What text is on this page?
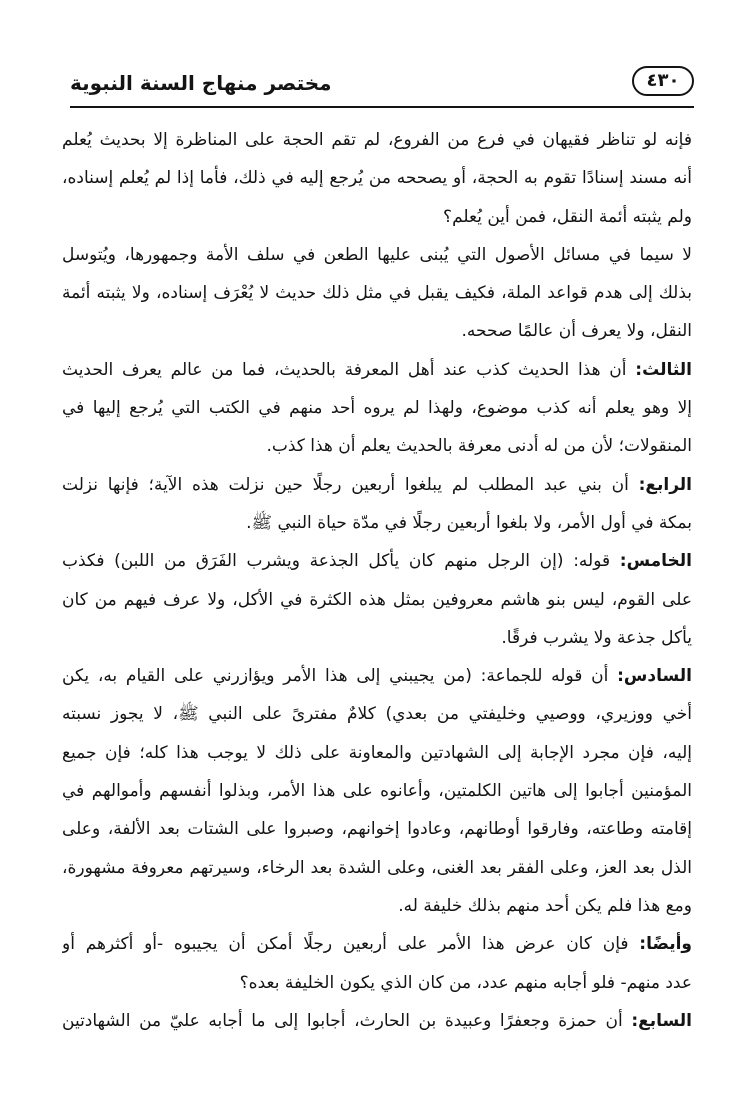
٤٣٠
مختصر منهاج السنة النبوية
فإنه لو تناظر فقيهان في فرع من الفروع، لم تقم الحجة على المناظرة إلا بحديث يُعلم
أنه مسند إسنادًا تقوم به الحجة، أو يصححه من يُرجع إليه في ذلك، فأما إذا لم يُعلم إسناده،
ولم يثبته أئمة النقل، فمن أين يُعلم؟
لا سيما في مسائل الأصول التي يُبنى عليها الطعن في سلف الأمة وجمهورها، ويُتوسل
بذلك إلى هدم قواعد الملة، فكيف يقبل في مثل ذلك حديث لا يُعْرَف إسناده، ولا يثبته أئمة
النقل، ولا يعرف أن عالمًا صححه.
الثالث: أن هذا الحديث كذب عند أهل المعرفة بالحديث، فما من عالم يعرف الحديث
إلا وهو يعلم أنه كذب موضوع، ولهذا لم يروه أحد منهم في الكتب التي يُرجع إليها في
المنقولات؛ لأن من له أدنى معرفة بالحديث يعلم أن هذا كذب.
الرابع: أن بني عبد المطلب لم يبلغوا أربعين رجلًا حين نزلت هذه الآية؛ فإنها نزلت
بمكة في أول الأمر، ولا بلغوا أربعين رجلًا في مدّة حياة النبي ﷺ.
الخامس: قوله: (إن الرجل منهم كان يأكل الجذعة ويشرب الفَرَق من اللبن) فكذب
على القوم، ليس بنو هاشم معروفين بمثل هذه الكثرة في الأكل، ولا عرف فيهم من كان
يأكل جذعة ولا يشرب فرقًا.
السادس: أن قوله للجماعة: (من يجيبني إلى هذا الأمر ويؤازرني على القيام به، يكن
أخي ووزيري، ووصيي وخليفتي من بعدي) كلامٌ مفترىً على النبي ﷺ، لا يجوز نسبته
إليه، فإن مجرد الإجابة إلى الشهادتين والمعاونة على ذلك لا يوجب هذا كله؛ فإن جميع
المؤمنين أجابوا إلى هاتين الكلمتين، وأعانوه على هذا الأمر، وبذلوا أنفسهم وأموالهم في
إقامته وطاعته، وفارقوا أوطانهم، وعادوا إخوانهم، وصبروا على الشتات بعد الألفة، وعلى
الذل بعد العز، وعلى الفقر بعد الغنى، وعلى الشدة بعد الرخاء، وسيرتهم معروفة مشهورة،
ومع هذا فلم يكن أحد منهم بذلك خليفة له.
وأيضًا: فإن كان عرض هذا الأمر على أربعين رجلًا أمكن أن يجيبوه -أو أكثرهم أو
عدد منهم- فلو أجابه منهم عدد، من كان الذي يكون الخليفة بعده؟
السابع: أن حمزة وجعفرًا وعبيدة بن الحارث، أجابوا إلى ما أجابه عليّ من الشهادتين
